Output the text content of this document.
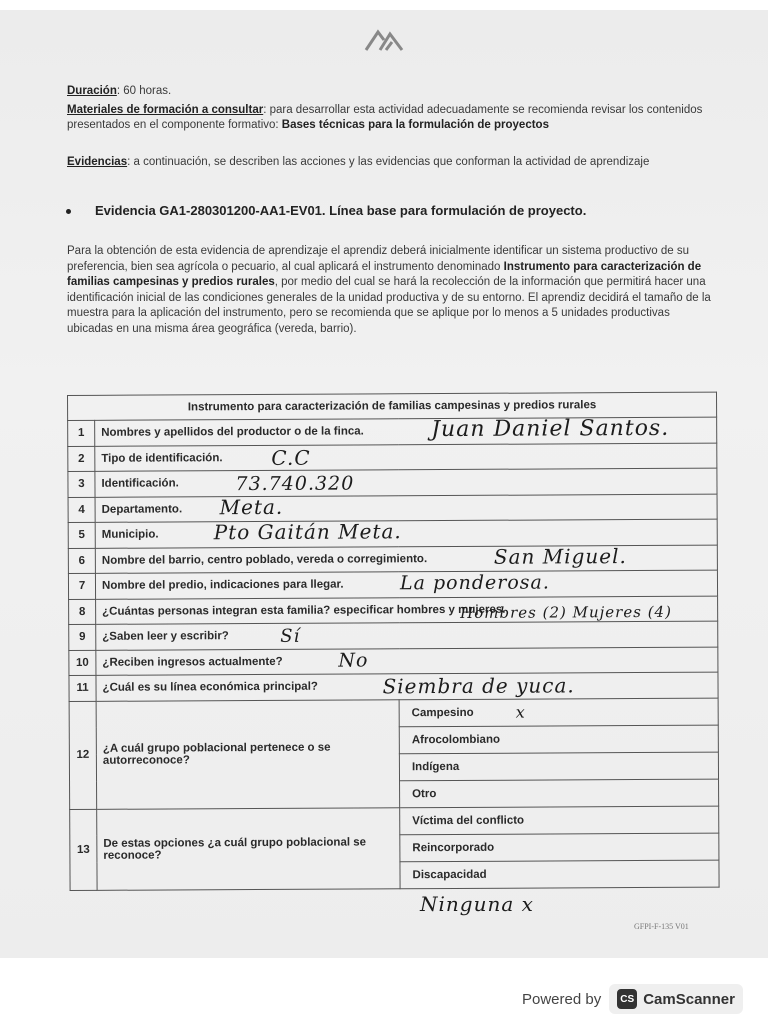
Duración: 60 horas.
Materiales de formación a consultar: para desarrollar esta actividad adecuadamente se recomienda revisar los contenidos presentados en el componente formativo: Bases técnicas para la formulación de proyectos
Evidencias: a continuación, se describen las acciones y las evidencias que conforman la actividad de aprendizaje
Evidencia GA1-280301200-AA1-EV01. Línea base para formulación de proyecto.
Para la obtención de esta evidencia de aprendizaje el aprendiz deberá inicialmente identificar un sistema productivo de su preferencia, bien sea agrícola o pecuario, al cual aplicará el instrumento denominado Instrumento para caracterización de familias campesinas y predios rurales, por medio del cual se hará la recolección de la información que permitirá hacer una identificación inicial de las condiciones generales de la unidad productiva y de su entorno. El aprendiz decidirá el tamaño de la muestra para la aplicación del instrumento, pero se recomienda que se aplique por lo menos a 5 unidades productivas ubicadas en una misma área geográfica (vereda, barrio).
Instrumento para caracterización de familias campesinas y predios rurales		
1	Nombres y apellidos del productor o de la finca. Juan Daniel Santos.	

2	Tipo de identificación. C.C	

3	Identificación. 73.740.320	

4	Departamento. Meta.	

5	Municipio. Pto Gaitán Meta.	

6	Nombre del barrio, centro poblado, vereda o corregimiento. San Miguel.	

7	Nombre del predio, indicaciones para llegar. La ponderosa.	

8	¿Cuántas personas integran esta familia? especificar hombres y mujeres.
Hombres (2) Mujeres (4)	

9	¿Saben leer y escribir? Sí	

10	¿Reciben ingresos actualmente? No	

11	¿Cuál es su línea económica principal? Siembra de yuca.	

12	¿A cuál grupo poblacional pertenece o se autorreconoce?	Campesino x

		Afrocolombiano

		Indígena

		Otro

13	De estas opciones ¿a cuál grupo poblacional se reconoce?	Víctima del conflicto

		Reincorporado

		Discapacidad
Ninguna x
GFPI-F-135 V01
Powered by	CS CamScanner
